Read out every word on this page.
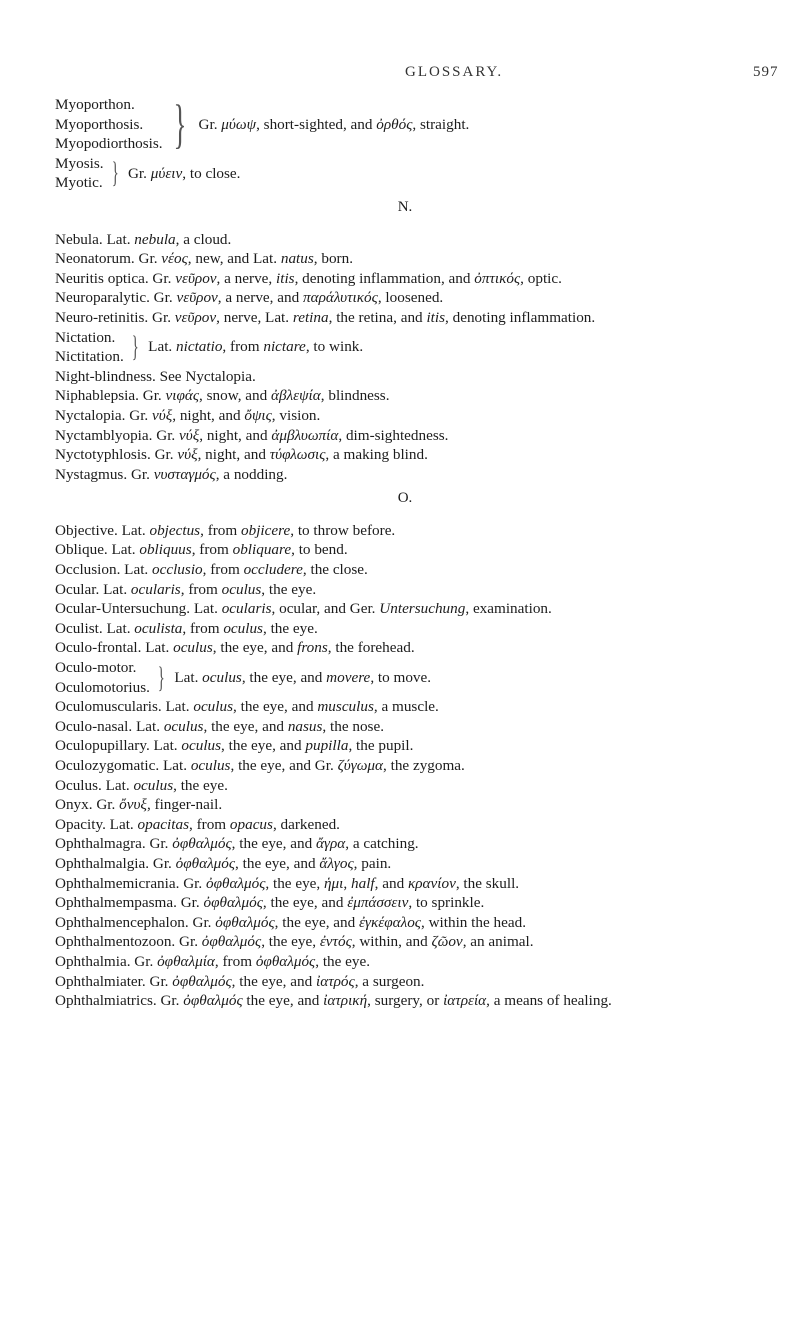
GLOSSARY.	597
Myoporthon.
Myoporthosis.
Myopodiorthosis. } Gr. μύωψ, short-sighted, and ὀρθός, straight.
Myosis.
Myotic. } Gr. μύειν, to close.
N.
Nebula. Lat. nebula, a cloud.
Neonatorum. Gr. νέος, new, and Lat. natus, born.
Neuritis optica. Gr. νεῦρον, a nerve, itis, denoting inflammation, and ὀπτικός, optic.
Neuroparalytic. Gr. νεῦρον, a nerve, and παράλυτικός, loosened.
Neuro-retinitis. Gr. νεῦρον, nerve, Lat. retina, the retina, and itis, denoting inflammation.
Nictation.
Nictitation. } Lat. nictatio, from nictare, to wink.
Night-blindness. See Nyctalopia.
Niphablepsia. Gr. νιφάς, snow, and ἀβλεψία, blindness.
Nyctalopia. Gr. νύξ, night, and ὄψις, vision.
Nyctamblyopia. Gr. νύξ, night, and ἀμβλυωπία, dim-sightedness.
Nyctotyphlosis. Gr. νύξ, night, and τύφλωσις, a making blind.
Nystagmus. Gr. νυσταγμός, a nodding.
O.
Objective. Lat. objectus, from objicere, to throw before.
Oblique. Lat. obliquus, from obliquare, to bend.
Occlusion. Lat. occlusio, from occludere, the close.
Ocular. Lat. ocularis, from oculus, the eye.
Ocular-Untersuchung. Lat. ocularis, ocular, and Ger. Untersuchung, examination.
Oculist. Lat. oculista, from oculus, the eye.
Oculo-frontal. Lat. oculus, the eye, and frons, the forehead.
Oculo-motor.
Oculomotorius. } Lat. oculus, the eye, and movere, to move.
Oculomuscularis. Lat. oculus, the eye, and musculus, a muscle.
Oculo-nasal. Lat. oculus, the eye, and nasus, the nose.
Oculopupillary. Lat. oculus, the eye, and pupilla, the pupil.
Oculozygomatic. Lat. oculus, the eye, and Gr. ζύγωμα, the zygoma.
Oculus. Lat. oculus, the eye.
Onyx. Gr. ὄνυξ, finger-nail.
Opacity. Lat. opacitas, from opacus, darkened.
Ophthalmagra. Gr. ὀφθαλμός, the eye, and ἄγρα, a catching.
Ophthalmalgia. Gr. ὀφθαλμός, the eye, and ἄλγος, pain.
Ophthalmemicrania. Gr. ὀφθαλμός, the eye, ἡμι, half, and κρανίον, the skull.
Ophthalmempasma. Gr. ὀφθαλμός, the eye, and ἐμπάσσειν, to sprinkle.
Ophthalmencephalon. Gr. ὀφθαλμός, the eye, and ἐγκέφαλος, within the head.
Ophthalmentozoon. Gr. ὀφθαλμός, the eye, ἐντός, within, and ζῶον, an animal.
Ophthalmia. Gr. ὀφθαλμία, from ὀφθαλμός, the eye.
Ophthalmiater. Gr. ὀφθαλμός, the eye, and ἰατρός, a surgeon.
Ophthalmiatrics. Gr. ὀφθαλμός the eye, and ἰατρική, surgery, or ἰατρεία, a means of healing.
